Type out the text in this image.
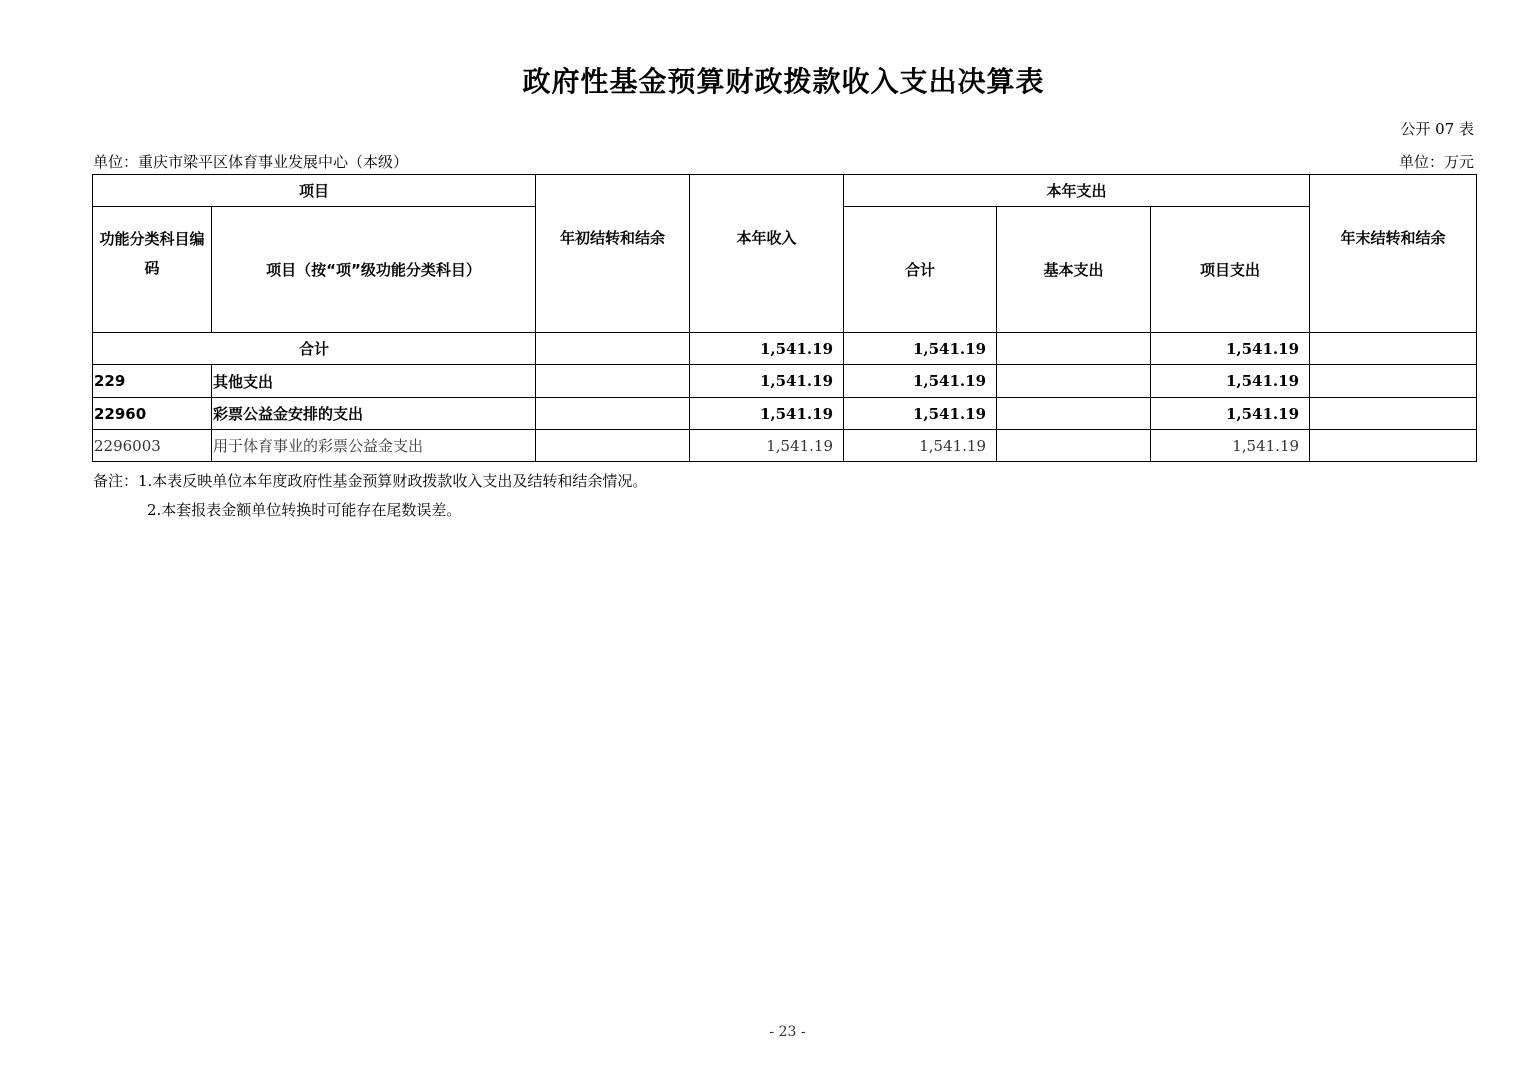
政府性基金预算财政拨款收入支出决算表
公开 07 表
单位：重庆市梁平区体育事业发展中心（本级）	单位：万元
项目		年初结转和结余	本年收入	本年支出			年末结转和结余
功能分类科目编码	项目（按“项”级功能分类科目）			合计	基本支出	项目支出	
合计			1,541.19	1,541.19		1,541.19	
229	其他支出		1,541.19	1,541.19		1,541.19	
22960	彩票公益金安排的支出		1,541.19	1,541.19		1,541.19	
2296003	用于体育事业的彩票公益金支出		1,541.19	1,541.19		1,541.19	
备注：1.本表反映单位本年度政府性基金预算财政拨款收入支出及结转和结余情况。
2.本套报表金额单位转换时可能存在尾数误差。
- 23 -
